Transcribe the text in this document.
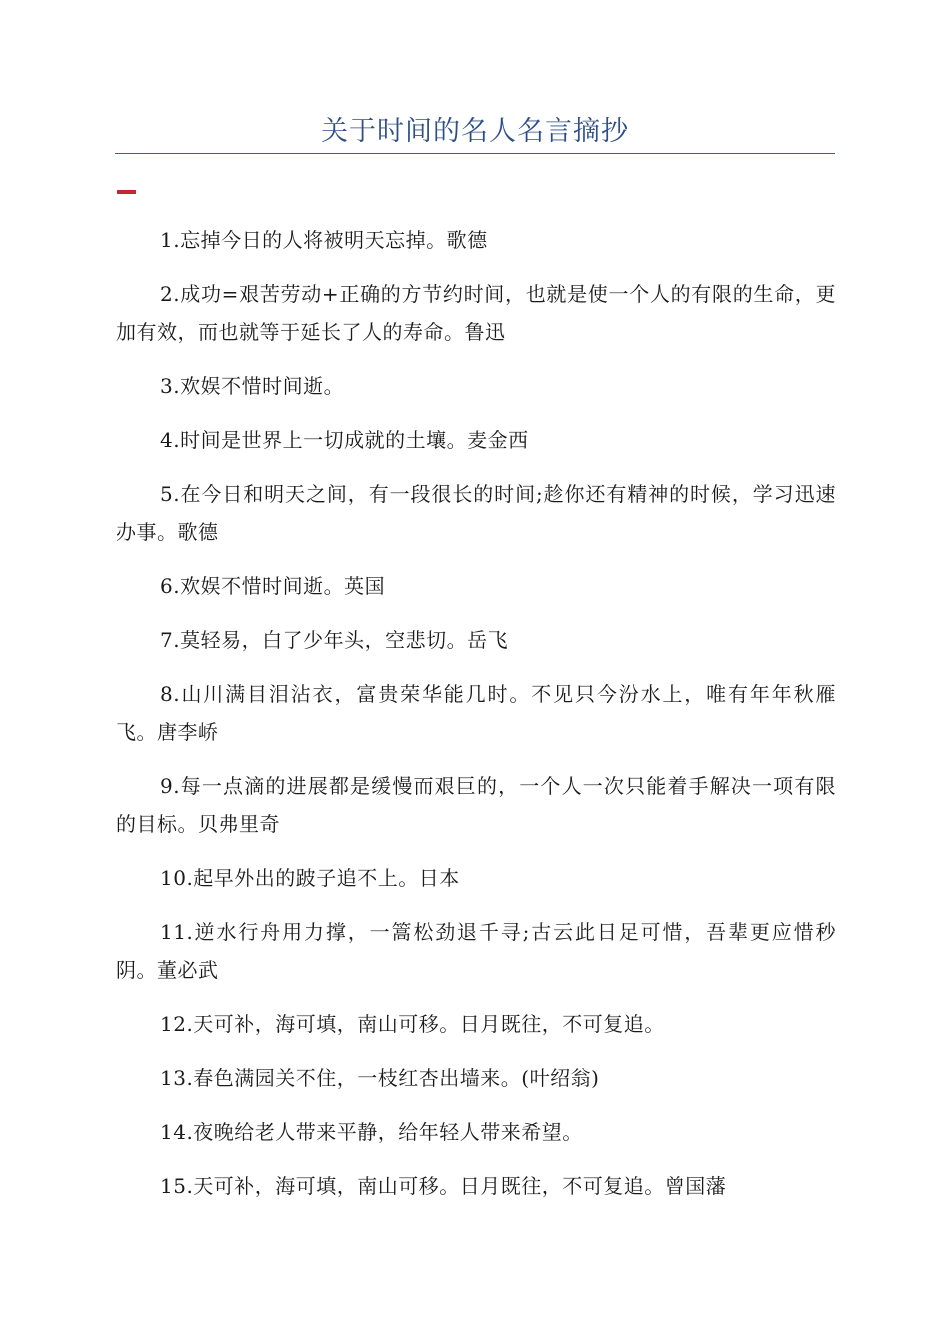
关于时间的名人名言摘抄
1.忘掉今日的人将被明天忘掉。歌德
2.成功=艰苦劳动+正确的方节约时间，也就是使一个人的有限的生命，更加有效，而也就等于延长了人的寿命。鲁迅
3.欢娱不惜时间逝。
4.时间是世界上一切成就的土壤。麦金西
5.在今日和明天之间，有一段很长的时间;趁你还有精神的时候，学习迅速办事。歌德
6.欢娱不惜时间逝。英国
7.莫轻易，白了少年头，空悲切。岳飞
8.山川满目泪沾衣，富贵荣华能几时。不见只今汾水上，唯有年年秋雁飞。唐李峤
9.每一点滴的进展都是缓慢而艰巨的，一个人一次只能着手解决一项有限的目标。贝弗里奇
10.起早外出的跛子追不上。日本
11.逆水行舟用力撑，一篙松劲退千寻;古云此日足可惜，吾辈更应惜秒阴。董必武
12.天可补，海可填，南山可移。日月既往，不可复追。
13.春色满园关不住，一枝红杏出墙来。(叶绍翁)
14.夜晚给老人带来平静，给年轻人带来希望。
15.天可补，海可填，南山可移。日月既往，不可复追。曾国藩
